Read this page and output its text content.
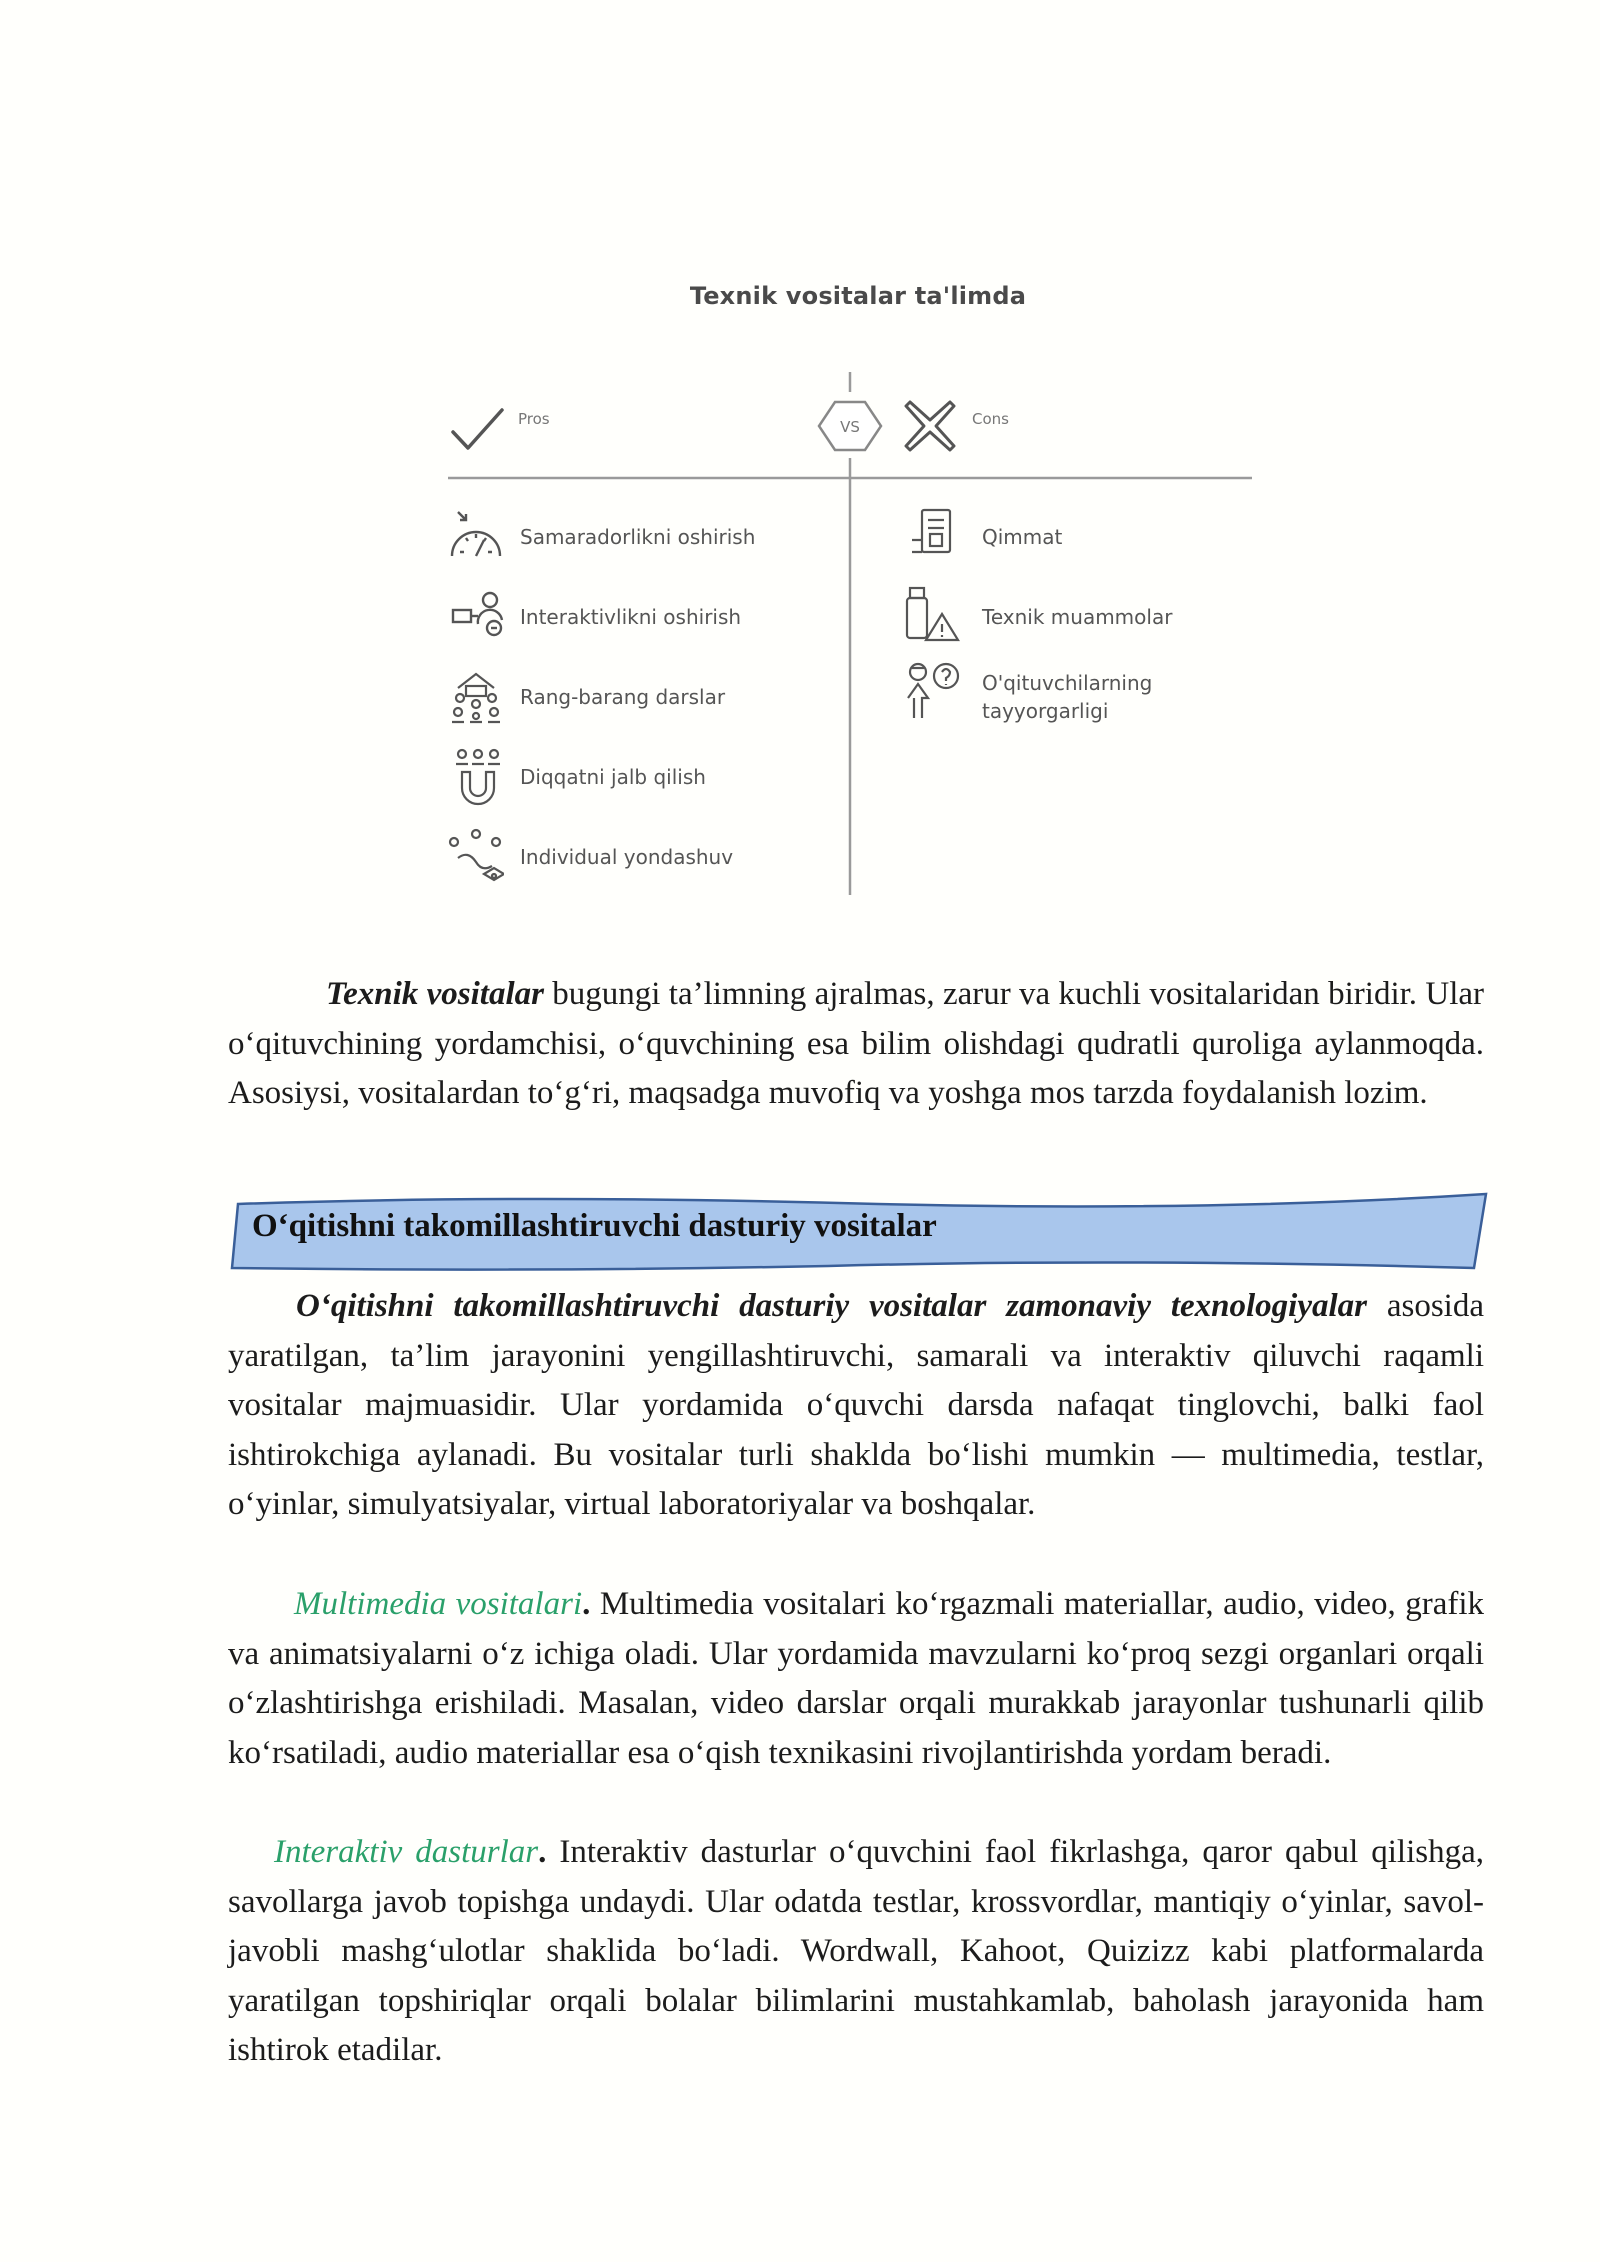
Texnik vositalar ta'limda
Pros	VS	Cons
Samaradorlikni oshirish
Interaktivlikni oshirish
Rang-barang darslar
Diqqatni jalb qilish
Individual yondashuv
Qimmat
Texnik muammolar
O'qituvchilarning
tayyorgarligi
Texnik vositalar bugungi ta’limning ajralmas, zarur va kuchli vositalaridan biridir. Ular o‘qituvchining yordamchisi, o‘quvchining esa bilim olishdagi qudratli quroliga aylanmoqda. Asosiysi, vositalardan to‘g‘ri, maqsadga muvofiq va yoshga mos tarzda foydalanish lozim.
O‘qitishni takomillashtiruvchi dasturiy vositalar
O‘qitishni takomillashtiruvchi dasturiy vositalar zamonaviy texnologiyalar asosida yaratilgan, ta’lim jarayonini yengillashtiruvchi, samarali va interaktiv qiluvchi raqamli vositalar majmuasidir. Ular yordamida o‘quvchi darsda nafaqat tinglovchi, balki faol ishtirokchiga aylanadi. Bu vositalar turli shaklda bo‘lishi mumkin — multimedia, testlar, o‘yinlar, simulyatsiyalar, virtual laboratoriyalar va boshqalar.
Multimedia vositalari. Multimedia vositalari ko‘rgazmali materiallar, audio, video, grafik va animatsiyalarni o‘z ichiga oladi. Ular yordamida mavzularni ko‘proq sezgi organlari orqali o‘zlashtirishga erishiladi. Masalan, video darslar orqali murakkab jarayonlar tushunarli qilib ko‘rsatiladi, audio materiallar esa o‘qish texnikasini rivojlantirishda yordam beradi.
Interaktiv dasturlar. Interaktiv dasturlar o‘quvchini faol fikrlashga, qaror qabul qilishga, savollarga javob topishga undaydi. Ular odatda testlar, krossvordlar, mantiqiy o‘yinlar, savol-javobli mashg‘ulotlar shaklida bo‘ladi. Wordwall, Kahoot, Quizizz kabi platformalarda yaratilgan topshiriqlar orqali bolalar bilimlarini mustahkamlab, baholash jarayonida ham ishtirok etadilar.
